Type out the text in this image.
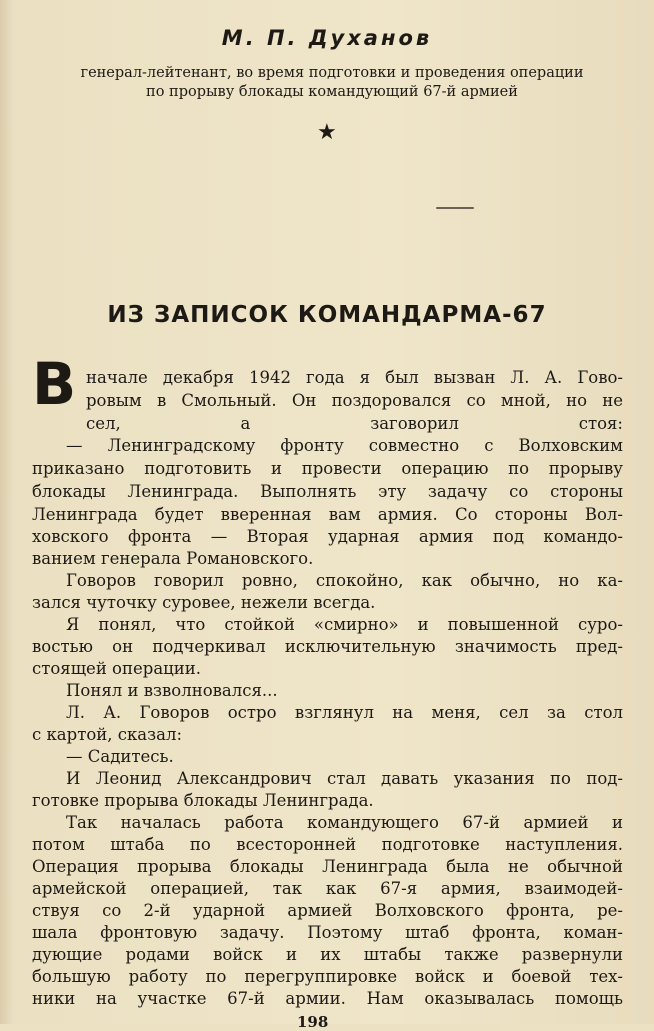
М. П. Духанов
генерал-лейтенант, во время подготовки и проведения операции
по прорыву блокады командующий 67-й армией
★
ИЗ ЗАПИСОК КОМАНДАРМА-67
В начале декабря 1942 года я был вызван Л. А. Гово-
ровым в Смольный. Он поздоровался со мной, но не
сел, а заговорил стоя:
— Ленинградскому фронту совместно с Волховским
приказано подготовить и провести операцию по прорыву
блокады Ленинграда. Выполнять эту задачу со стороны
Ленинграда будет вверенная вам армия. Со стороны Вол-
ховского фронта — Вторая ударная армия под командо-
ванием генерала Романовского.
Говоров говорил ровно, спокойно, как обычно, но ка-
зался чуточку суровее, нежели всегда.
Я понял, что стойкой «смирно» и повышенной суро-
востью он подчеркивал исключительную значимость пред-
стоящей операции.
Понял и взволновался...
Л. А. Говоров остро взглянул на меня, сел за стол
с картой, сказал:
— Садитесь.
И Леонид Александрович стал давать указания по под-
готовке прорыва блокады Ленинграда.
Так началась работа командующего 67-й армией и
потом штаба по всесторонней подготовке наступления.
Операция прорыва блокады Ленинграда была не обычной
армейской операцией, так как 67-я армия, взаимодей-
ствуя со 2-й ударной армией Волховского фронта, ре-
шала фронтовую задачу. Поэтому штаб фронта, коман-
дующие родами войск и их штабы также развернули
большую работу по перегруппировке войск и боевой тех-
ники на участке 67-й армии. Нам оказывалась помощь
198
